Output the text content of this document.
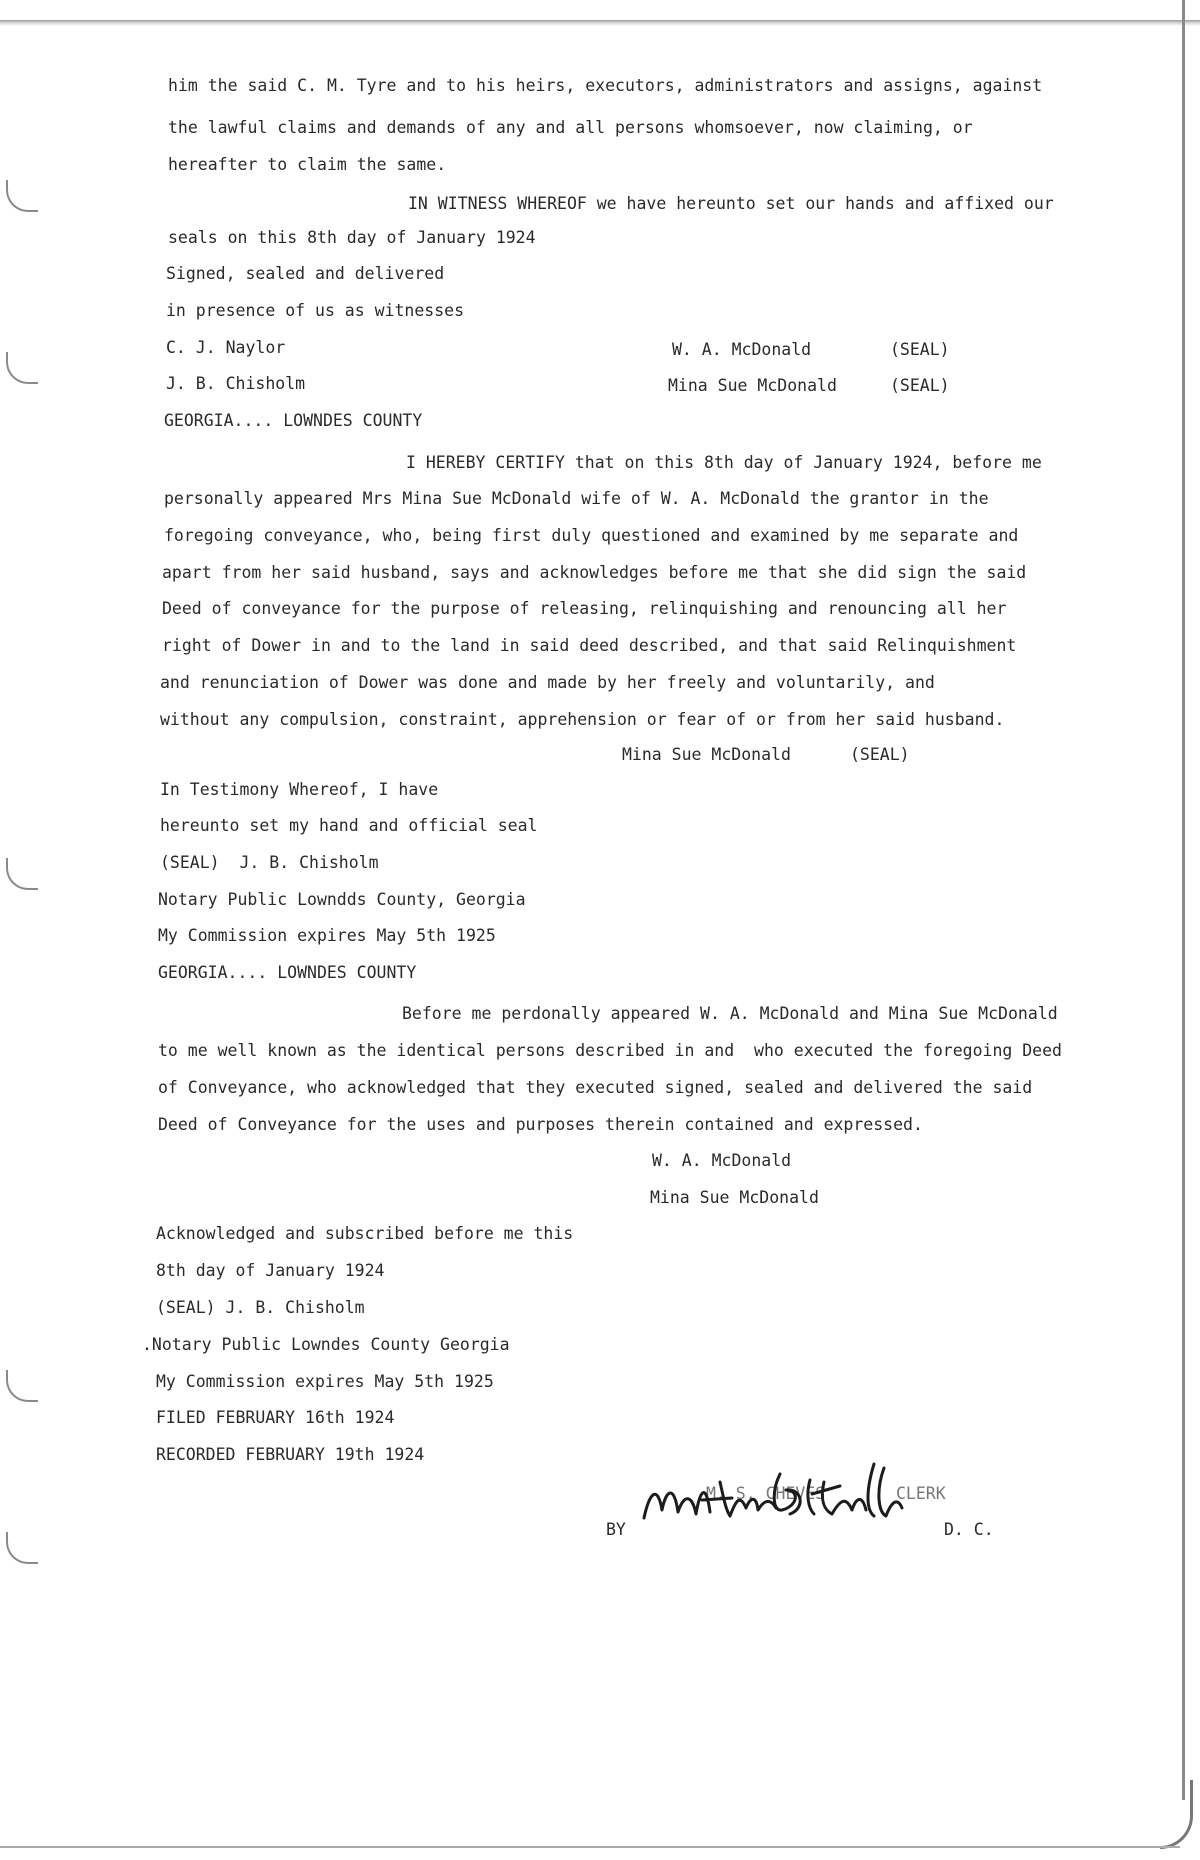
him the said C. M. Tyre and to his heirs, executors, administrators and assigns, against
the lawful claims and demands of any and all persons whomsoever, now claiming, or
hereafter to claim the same.
IN WITNESS WHEREOF we have hereunto set our hands and affixed our
seals on this 8th day of January 1924
Signed, sealed and delivered
in presence of us as witnesses
C. J. Naylor
J. B. Chisholm
W. A. McDonald	(SEAL)
Mina Sue McDonald	(SEAL)
GEORGIA.... LOWNDES COUNTY
I HEREBY CERTIFY that on this 8th day of January 1924, before me
personally appeared Mrs Mina Sue McDonald wife of W. A. McDonald the grantor in the
foregoing conveyance, who, being first duly questioned and examined by me separate and
apart from her said husband, says and acknowledges before me that she did sign the said
Deed of conveyance for the purpose of releasing, relinquishing and renouncing all her
right of Dower in and to the land in said deed described, and that said Relinquishment
and renunciation of Dower was done and made by her freely and voluntarily, and
without any compulsion, constraint, apprehension or fear of or from her said husband.
Mina Sue McDonald	(SEAL)
In Testimony Whereof, I have
hereunto set my hand and official seal
(SEAL)  J. B. Chisholm
Notary Public Lowndds County, Georgia
My Commission expires May 5th 1925
GEORGIA.... LOWNDES COUNTY
Before me perdonally appeared W. A. McDonald and Mina Sue McDonald
to me well known as the identical persons described in and  who executed the foregoing Deed
of Conveyance, who acknowledged that they executed signed, sealed and delivered the said
Deed of Conveyance for the uses and purposes therein contained and expressed.
W. A. McDonald
Mina Sue McDonald
Acknowledged and subscribed before me this
8th day of January 1924
(SEAL) J. B. Chisholm
.Notary Public Lowndes County Georgia
My Commission expires May 5th 1925
FILED FEBRUARY 16th 1924
RECORDED FEBRUARY 19th 1924
M. S. CHEVES	CLERK
BY	D. C.
